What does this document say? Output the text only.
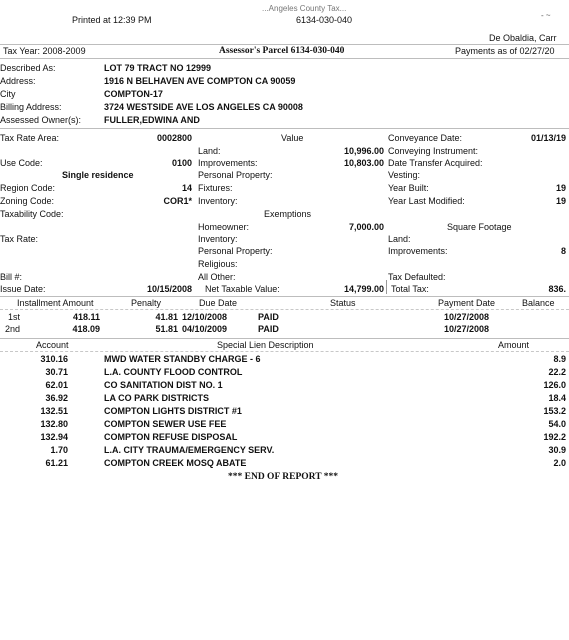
Printed at 12:39 PM
...Angeles County Tax...
6134-030-040	- ~
De Obaldia, Carr
Tax Year: 2008-2009	Assessor's Parcel 6134-030-040	Payments as of 02/27/20
Described As:	LOT 79 TRACT NO 12999
Address:	1916 N BELHAVEN AVE COMPTON CA 90059
City	COMPTON-17
Billing Address:	3724 WESTSIDE AVE LOS ANGELES CA 90008
Assessed Owner(s):	FULLER,EDWINA AND
Tax Rate Area:	0002800
Use Code:	0100
Single residence
Region Code:	14
Zoning Code:	COR1*
Taxability Code:
Tax Rate:
Bill #:
Issue Date:	10/15/2008
Value
Land:	10,996.00
Improvements:	10,803.00
Personal Property:
Fixtures:
Inventory:
Exemptions
Homeowner:	7,000.00
Inventory:
Personal Property:
Religious:
All Other:
Net Taxable Value:	14,799.00
Conveyance Date:	01/13/19
Conveying Instrument:
Date Transfer Acquired:
Vesting:
Year Built:	19
Year Last Modified:	19
Square Footage
Land:
Improvements:	8
Tax Defaulted:
Total Tax:	836.
Installment Amount	Penalty	Due Date	Status	Payment Date	Balance
1st	418.11	41.81 12/10/2008	PAID	10/27/2008
2nd	418.09	51.81 04/10/2009	PAID	10/27/2008
Account	Special Lien Description	Amount
310.16	MWD WATER STANDBY CHARGE - 6	8.9
30.71	L.A. COUNTY FLOOD CONTROL	22.2
62.01	CO SANITATION DIST NO. 1	126.0
36.92	LA CO PARK DISTRICTS	18.4
132.51	COMPTON LIGHTS DISTRICT #1	153.2
132.80	COMPTON SEWER USE FEE	54.0
132.94	COMPTON REFUSE DISPOSAL	192.2
1.70	L.A. CITY TRAUMA/EMERGENCY SERV.	30.9
61.21	COMPTON CREEK MOSQ ABATE	2.0
*** END OF REPORT ***
